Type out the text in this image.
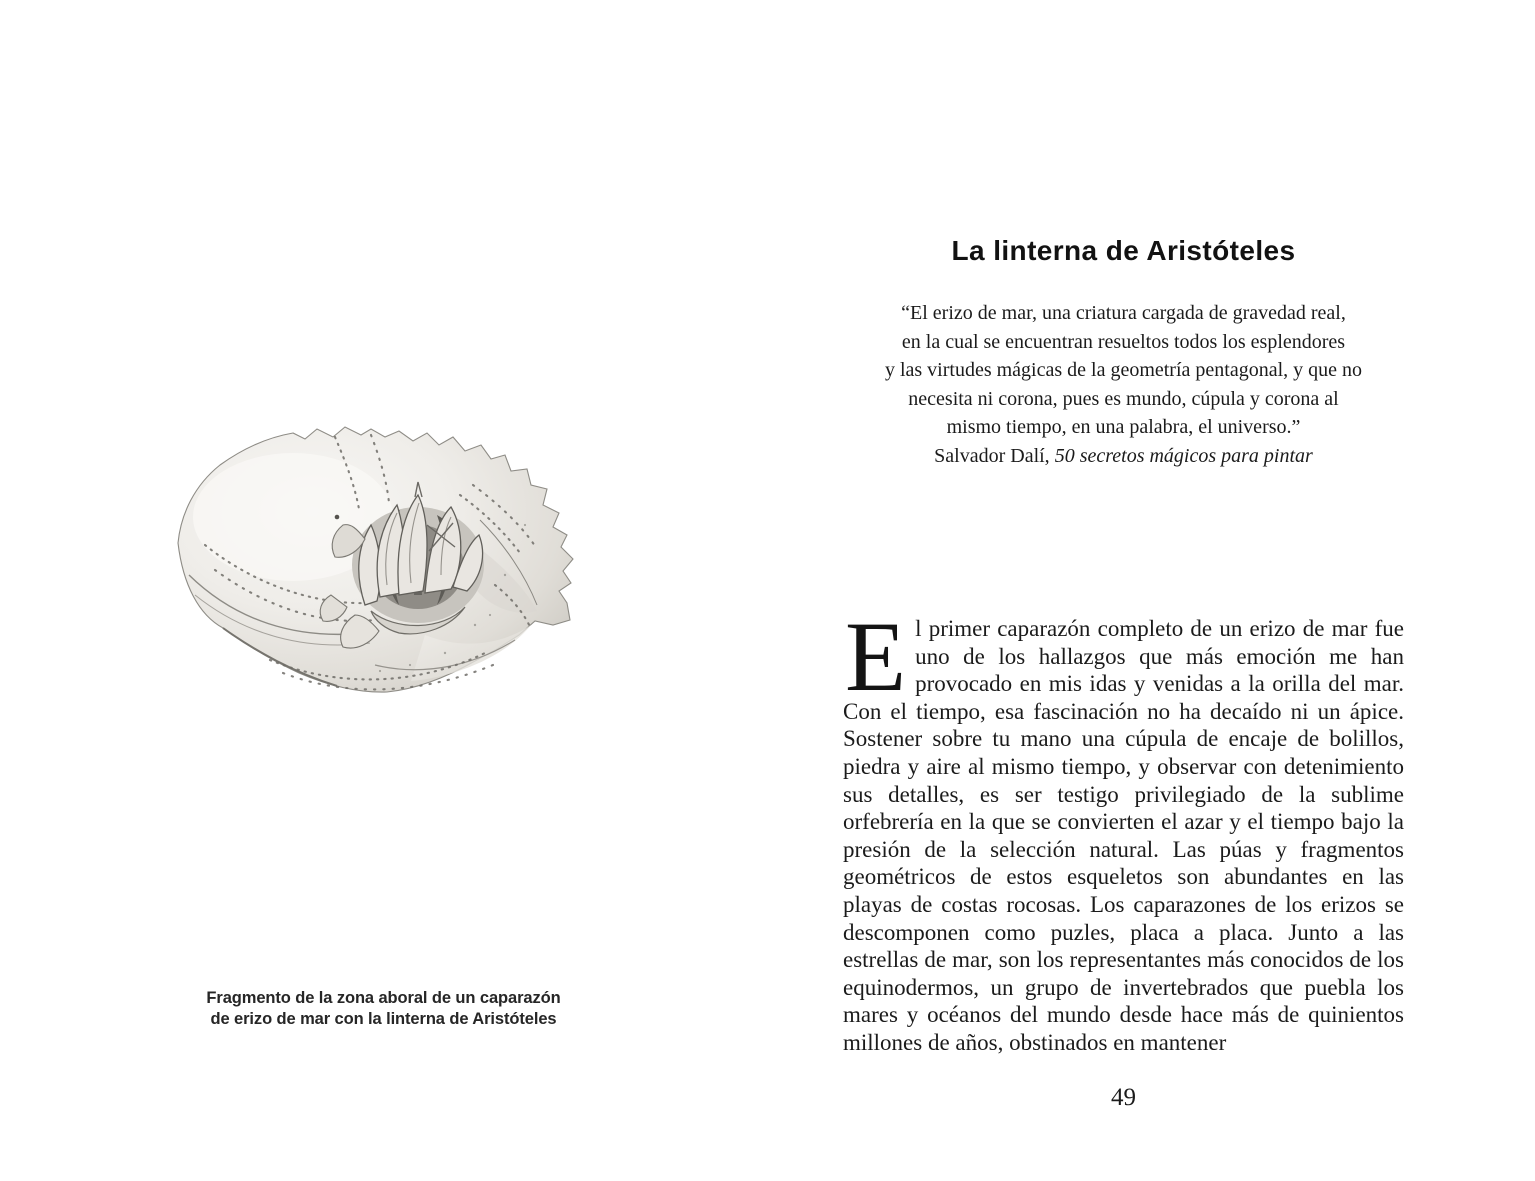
Fragmento de la zona aboral de un caparazón
de erizo de mar con la linterna de Aristóteles
La linterna de Aristóteles
“El erizo de mar, una criatura cargada de gravedad real,
en la cual se encuentran resueltos todos los esplendores
y las virtudes mágicas de la geometría pentagonal, y que no
necesita ni corona, pues es mundo, cúpula y corona al
mismo tiempo, en una palabra, el universo.”
Salvador Dalí, 50 secretos mágicos para pintar

El primer caparazón completo de un erizo de mar fue uno de los hallazgos que más emoción me han provocado en mis idas y venidas a la orilla del mar. Con el tiempo, esa fascinación no ha decaído ni un ápice. Sostener sobre tu mano una cúpula de encaje de bolillos, piedra y aire al mismo tiempo, y observar con detenimiento sus detalles, es ser testigo privilegiado de la sublime orfebrería en la que se convierten el azar y el tiempo bajo la presión de la selección natural. Las púas y fragmentos geométricos de estos esqueletos son abundantes en las playas de costas rocosas. Los caparazones de los erizos se descomponen como puzles, placa a placa. Junto a las estrellas de mar, son los representantes más conocidos de los equinodermos, un grupo de invertebrados que puebla los mares y océanos del mundo desde hace más de quinientos millones de años, obstinados en mantener

49
